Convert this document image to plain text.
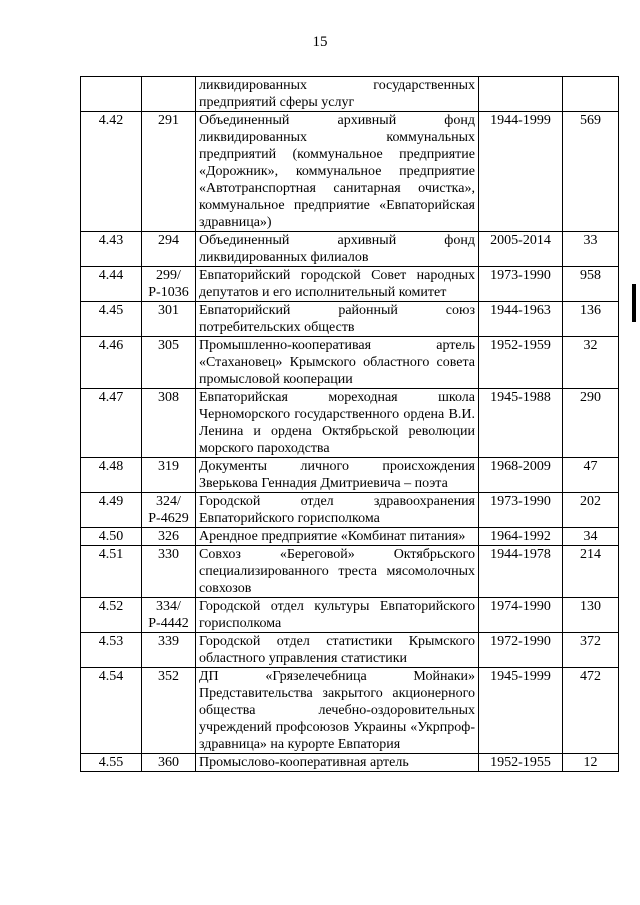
15
		ликвидированных государственных предприятий сферы услуг		
4.42	291	Объединенный архивный фонд ликвидированных коммунальных предприятий (коммунальное предприятие «Дорожник», коммунальное предприятие «Автотранспортная санитарная очистка», коммунальное предприятие «Евпаторийская здравница»)	1944-1999	569
4.43	294	Объединенный архивный фонд ликвидированных филиалов	2005-2014	33
4.44	299/Р-1036	Евпаторийский городской Совет народных депутатов и его исполнительный комитет	1973-1990	958
4.45	301	Евпаторийский районный союз потребительских обществ	1944-1963	136
4.46	305	Промышленно-кооперативая артель «Стахановец» Крымского областного совета промысловой кооперации	1952-1959	32
4.47	308	Евпаторийская мореходная школа Черноморского государственного ордена В.И. Ленина и ордена Октябрьской революции морского пароходства	1945-1988	290
4.48	319	Документы личного происхождения Зверькова Геннадия Дмитриевича – поэта	1968-2009	47
4.49	324/Р-4629	Городской отдел здравоохранения Евпаторийского горисполкома	1973-1990	202
4.50	326	Арендное предприятие «Комбинат питания»	1964-1992	34
4.51	330	Совхоз «Береговой» Октябрьского специализированного треста мясомолочных совхозов	1944-1978	214
4.52	334/Р-4442	Городской отдел культуры Евпаторийского горисполкома	1974-1990	130
4.53	339	Городской отдел статистики Крымского областного управления статистики	1972-1990	372
4.54	352	ДП «Грязелечебница Мойнаки» Представительства закрытого акционерного общества лечебно-оздоровительных учреждений профсоюзов Украины «Укрпроф-здравница» на курорте Евпатория	1945-1999	472
4.55	360	Промыслово-кооперативная артель	1952-1955	12
